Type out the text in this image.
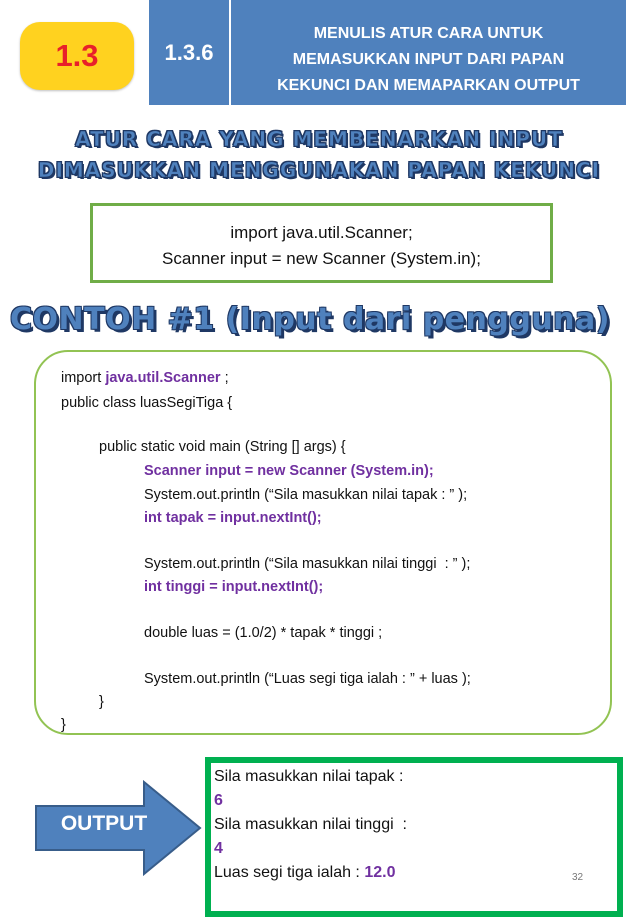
1.3	1.3.6
MENULIS ATUR CARA UNTUK
MEMASUKKAN INPUT DARI PAPAN
KEKUNCI DAN MEMAPARKAN OUTPUT
ATUR CARA YANG MEMBENARKAN INPUT
DIMASUKKAN MENGGUNAKAN PAPAN KEKUNCI
import java.util.Scanner;
Scanner input = new Scanner (System.in);
CONTOH #1 (Input dari pengguna)
import java.util.Scanner ;
public class luasSegiTiga {
public static void main (String [] args) {
Scanner input = new Scanner (System.in);
System.out.println (“Sila masukkan nilai tapak : ” );
int tapak = input.nextInt();
System.out.println (“Sila masukkan nilai tinggi  : ” );
int tinggi = input.nextInt();
double luas = (1.0/2) * tapak * tinggi ;
System.out.println (“Luas segi tiga ialah : ” + luas );
}
}
OUTPUT
Sila masukkan nilai tapak :
6
Sila masukkan nilai tinggi  :
4
Luas segi tiga ialah : 12.0	32
